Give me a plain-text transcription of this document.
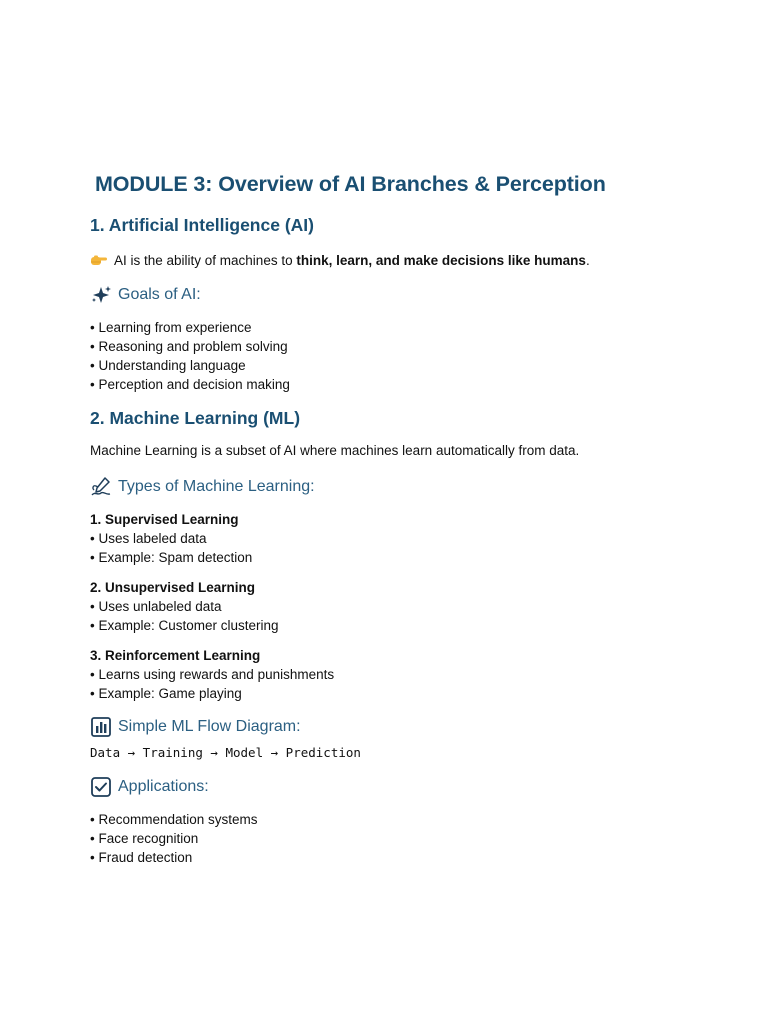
MODULE 3: Overview of AI Branches & Perception
1. Artificial Intelligence (AI)

AI is the ability of machines to think, learn, and make decisions like humans.

Goals of AI:
• Learning from experience
• Reasoning and problem solving
• Understanding language
• Perception and decision making
2. Machine Learning (ML)

Machine Learning is a subset of AI where machines learn automatically from data.

Types of Machine Learning:
1. Supervised Learning
• Uses labeled data
• Example: Spam detection
2. Unsupervised Learning
• Uses unlabeled data
• Example: Customer clustering
3. Reinforcement Learning
• Learns using rewards and punishments
• Example: Game playing
Simple ML Flow Diagram:

Data → Training → Model → Prediction

Applications:
• Recommendation systems
• Face recognition
• Fraud detection
